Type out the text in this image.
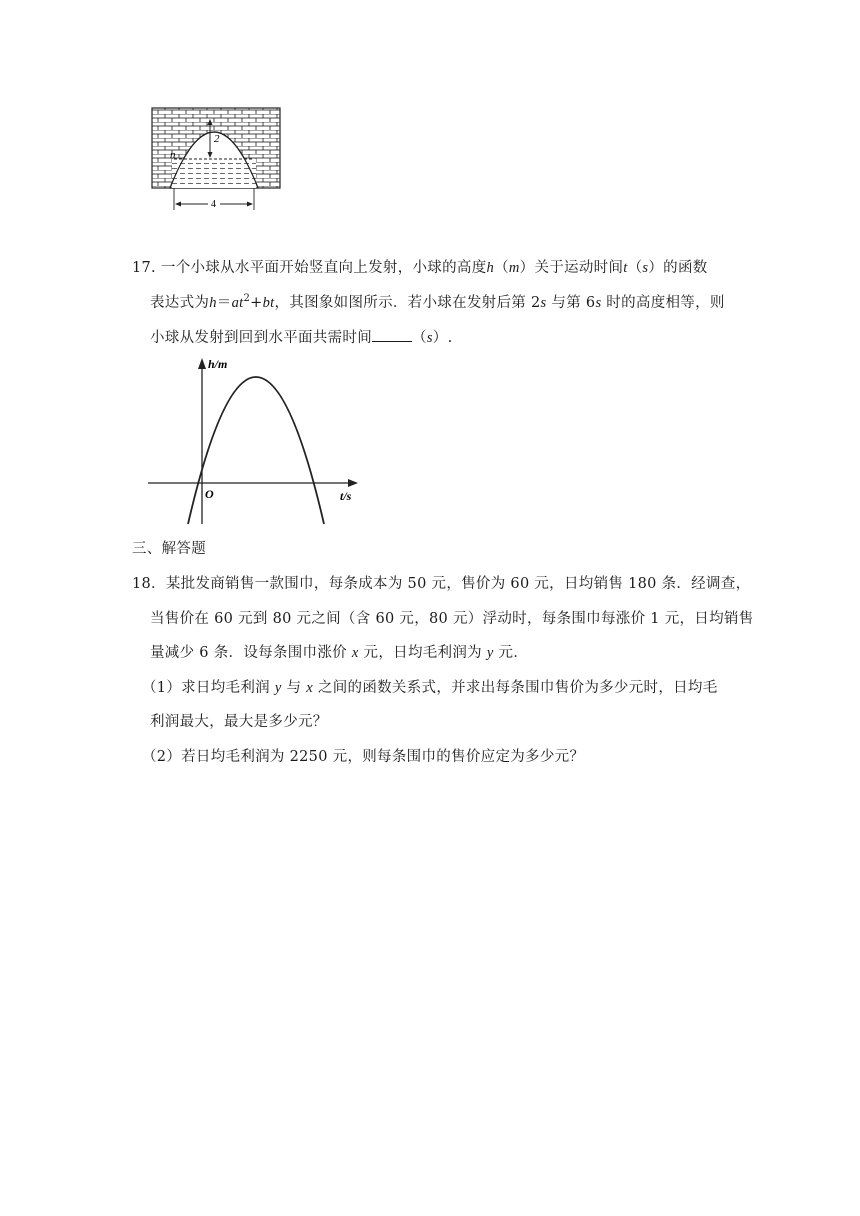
2
n
4
17. 一个小球从水平面开始竖直向上发射，小球的高度h（m）关于运动时间t（s）的函数
表达式为$h=at^2+bt$，其图象如图所示．若小球在发射后第 2s 与第 6s 时的高度相等，则
小球从发射到回到水平面共需时间	（s）.
h/m
t/s
O
三、解答题
18．某批发商销售一款围巾，每条成本为 50 元，售价为 60 元，日均销售 180 条．经调查，
当售价在 60 元到 80 元之间（含 60 元，80 元）浮动时，每条围巾每涨价 1 元，日均销售
量减少 6 条．设每条围巾涨价 x 元，日均毛利润为 y 元．
（1）求日均毛利润 y 与 x 之间的函数关系式，并求出每条围巾售价为多少元时，日均毛
利润最大，最大是多少元？
（2）若日均毛利润为 2250 元，则每条围巾的售价应定为多少元？
